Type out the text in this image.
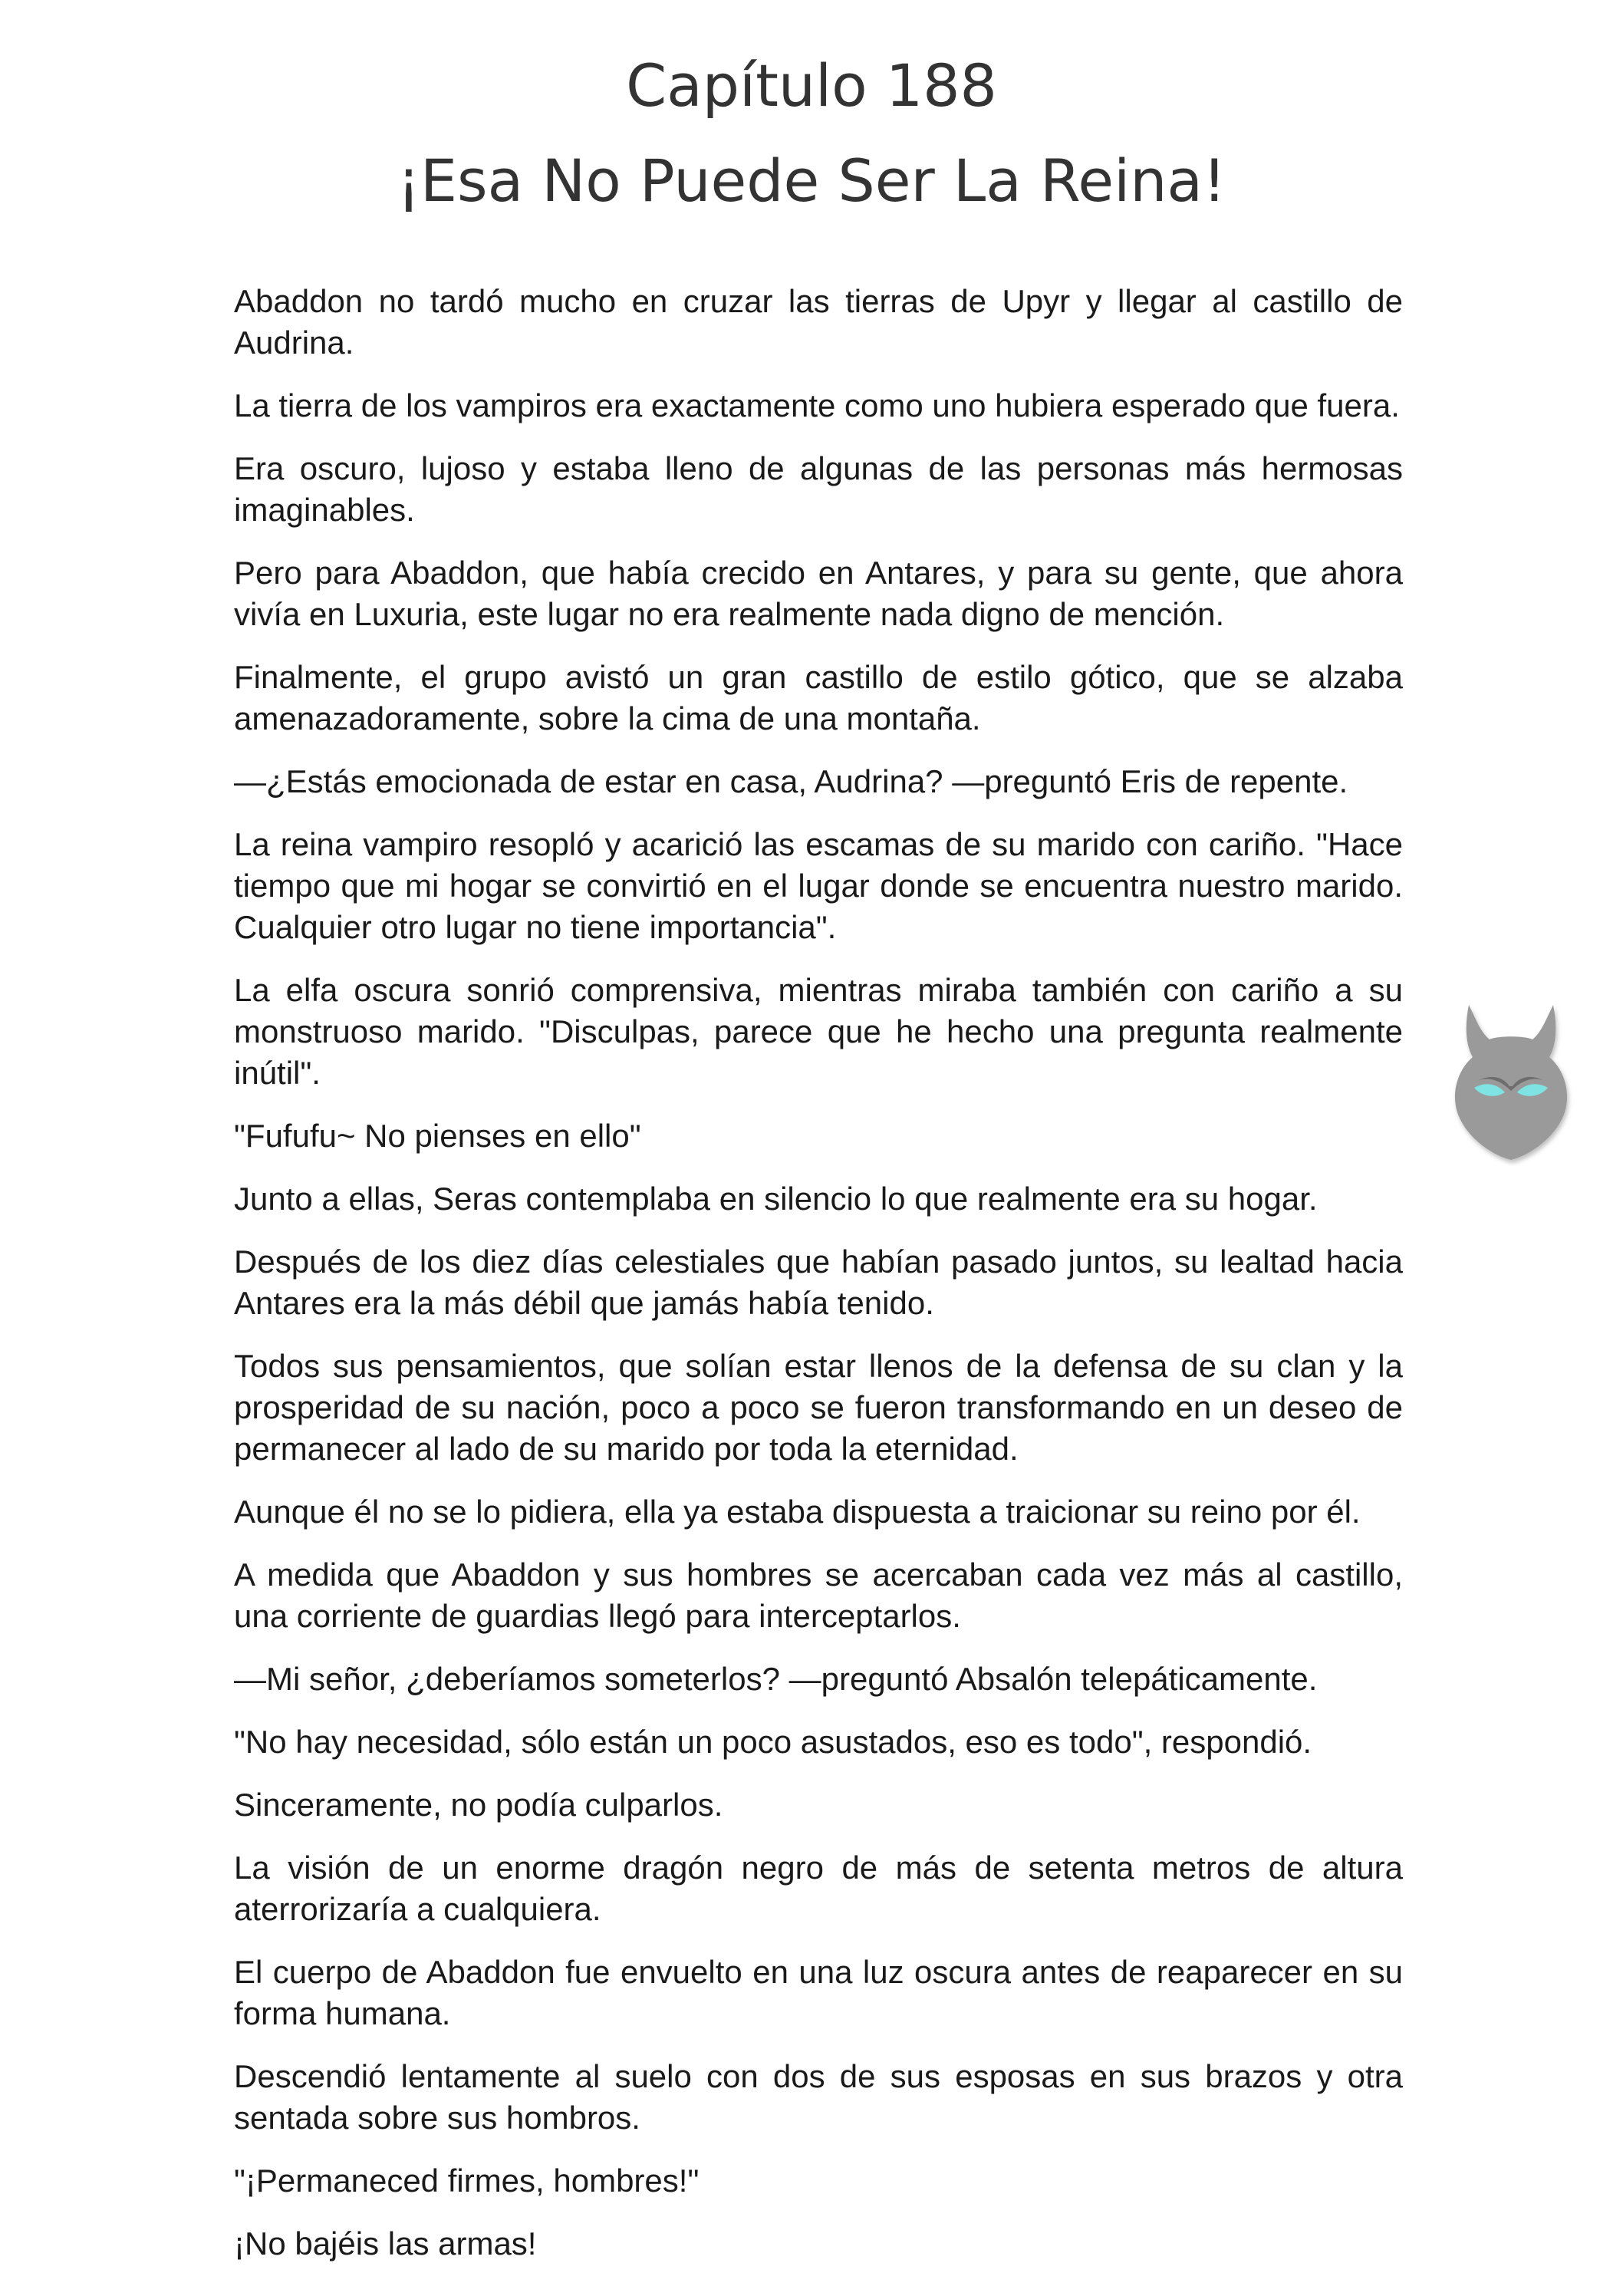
Capítulo 188
¡Esa No Puede Ser La Reina!

Abaddon no tardó mucho en cruzar las tierras de Upyr y llegar al castillo de Audrina.

La tierra de los vampiros era exactamente como uno hubiera esperado que fuera.

Era oscuro, lujoso y estaba lleno de algunas de las personas más hermosas imaginables.

Pero para Abaddon, que había crecido en Antares, y para su gente, que ahora vivía en Luxuria, este lugar no era realmente nada digno de mención.

Finalmente, el grupo avistó un gran castillo de estilo gótico, que se alzaba amenazadoramente, sobre la cima de una montaña.

—¿Estás emocionada de estar en casa, Audrina? —preguntó Eris de repente.

La reina vampiro resopló y acarició las escamas de su marido con cariño. "Hace tiempo que mi hogar se convirtió en el lugar donde se encuentra nuestro marido. Cualquier otro lugar no tiene importancia".

La elfa oscura sonrió comprensiva, mientras miraba también con cariño a su monstruoso marido. "Disculpas, parece que he hecho una pregunta realmente inútil".

"Fufufu~ No pienses en ello"

Junto a ellas, Seras contemplaba en silencio lo que realmente era su hogar.

Después de los diez días celestiales que habían pasado juntos, su lealtad hacia Antares era la más débil que jamás había tenido.

Todos sus pensamientos, que solían estar llenos de la defensa de su clan y la prosperidad de su nación, poco a poco se fueron transformando en un deseo de permanecer al lado de su marido por toda la eternidad.

Aunque él no se lo pidiera, ella ya estaba dispuesta a traicionar su reino por él.

A medida que Abaddon y sus hombres se acercaban cada vez más al castillo, una corriente de guardias llegó para interceptarlos.

—Mi señor, ¿deberíamos someterlos? —preguntó Absalón telepáticamente.

"No hay necesidad, sólo están un poco asustados, eso es todo", respondió.

Sinceramente, no podía culparlos.

La visión de un enorme dragón negro de más de setenta metros de altura aterrorizaría a cualquiera.

El cuerpo de Abaddon fue envuelto en una luz oscura antes de reaparecer en su forma humana.

Descendió lentamente al suelo con dos de sus esposas en sus brazos y otra sentada sobre sus hombros.

"¡Permaneced firmes, hombres!"

¡No bajéis las armas!
